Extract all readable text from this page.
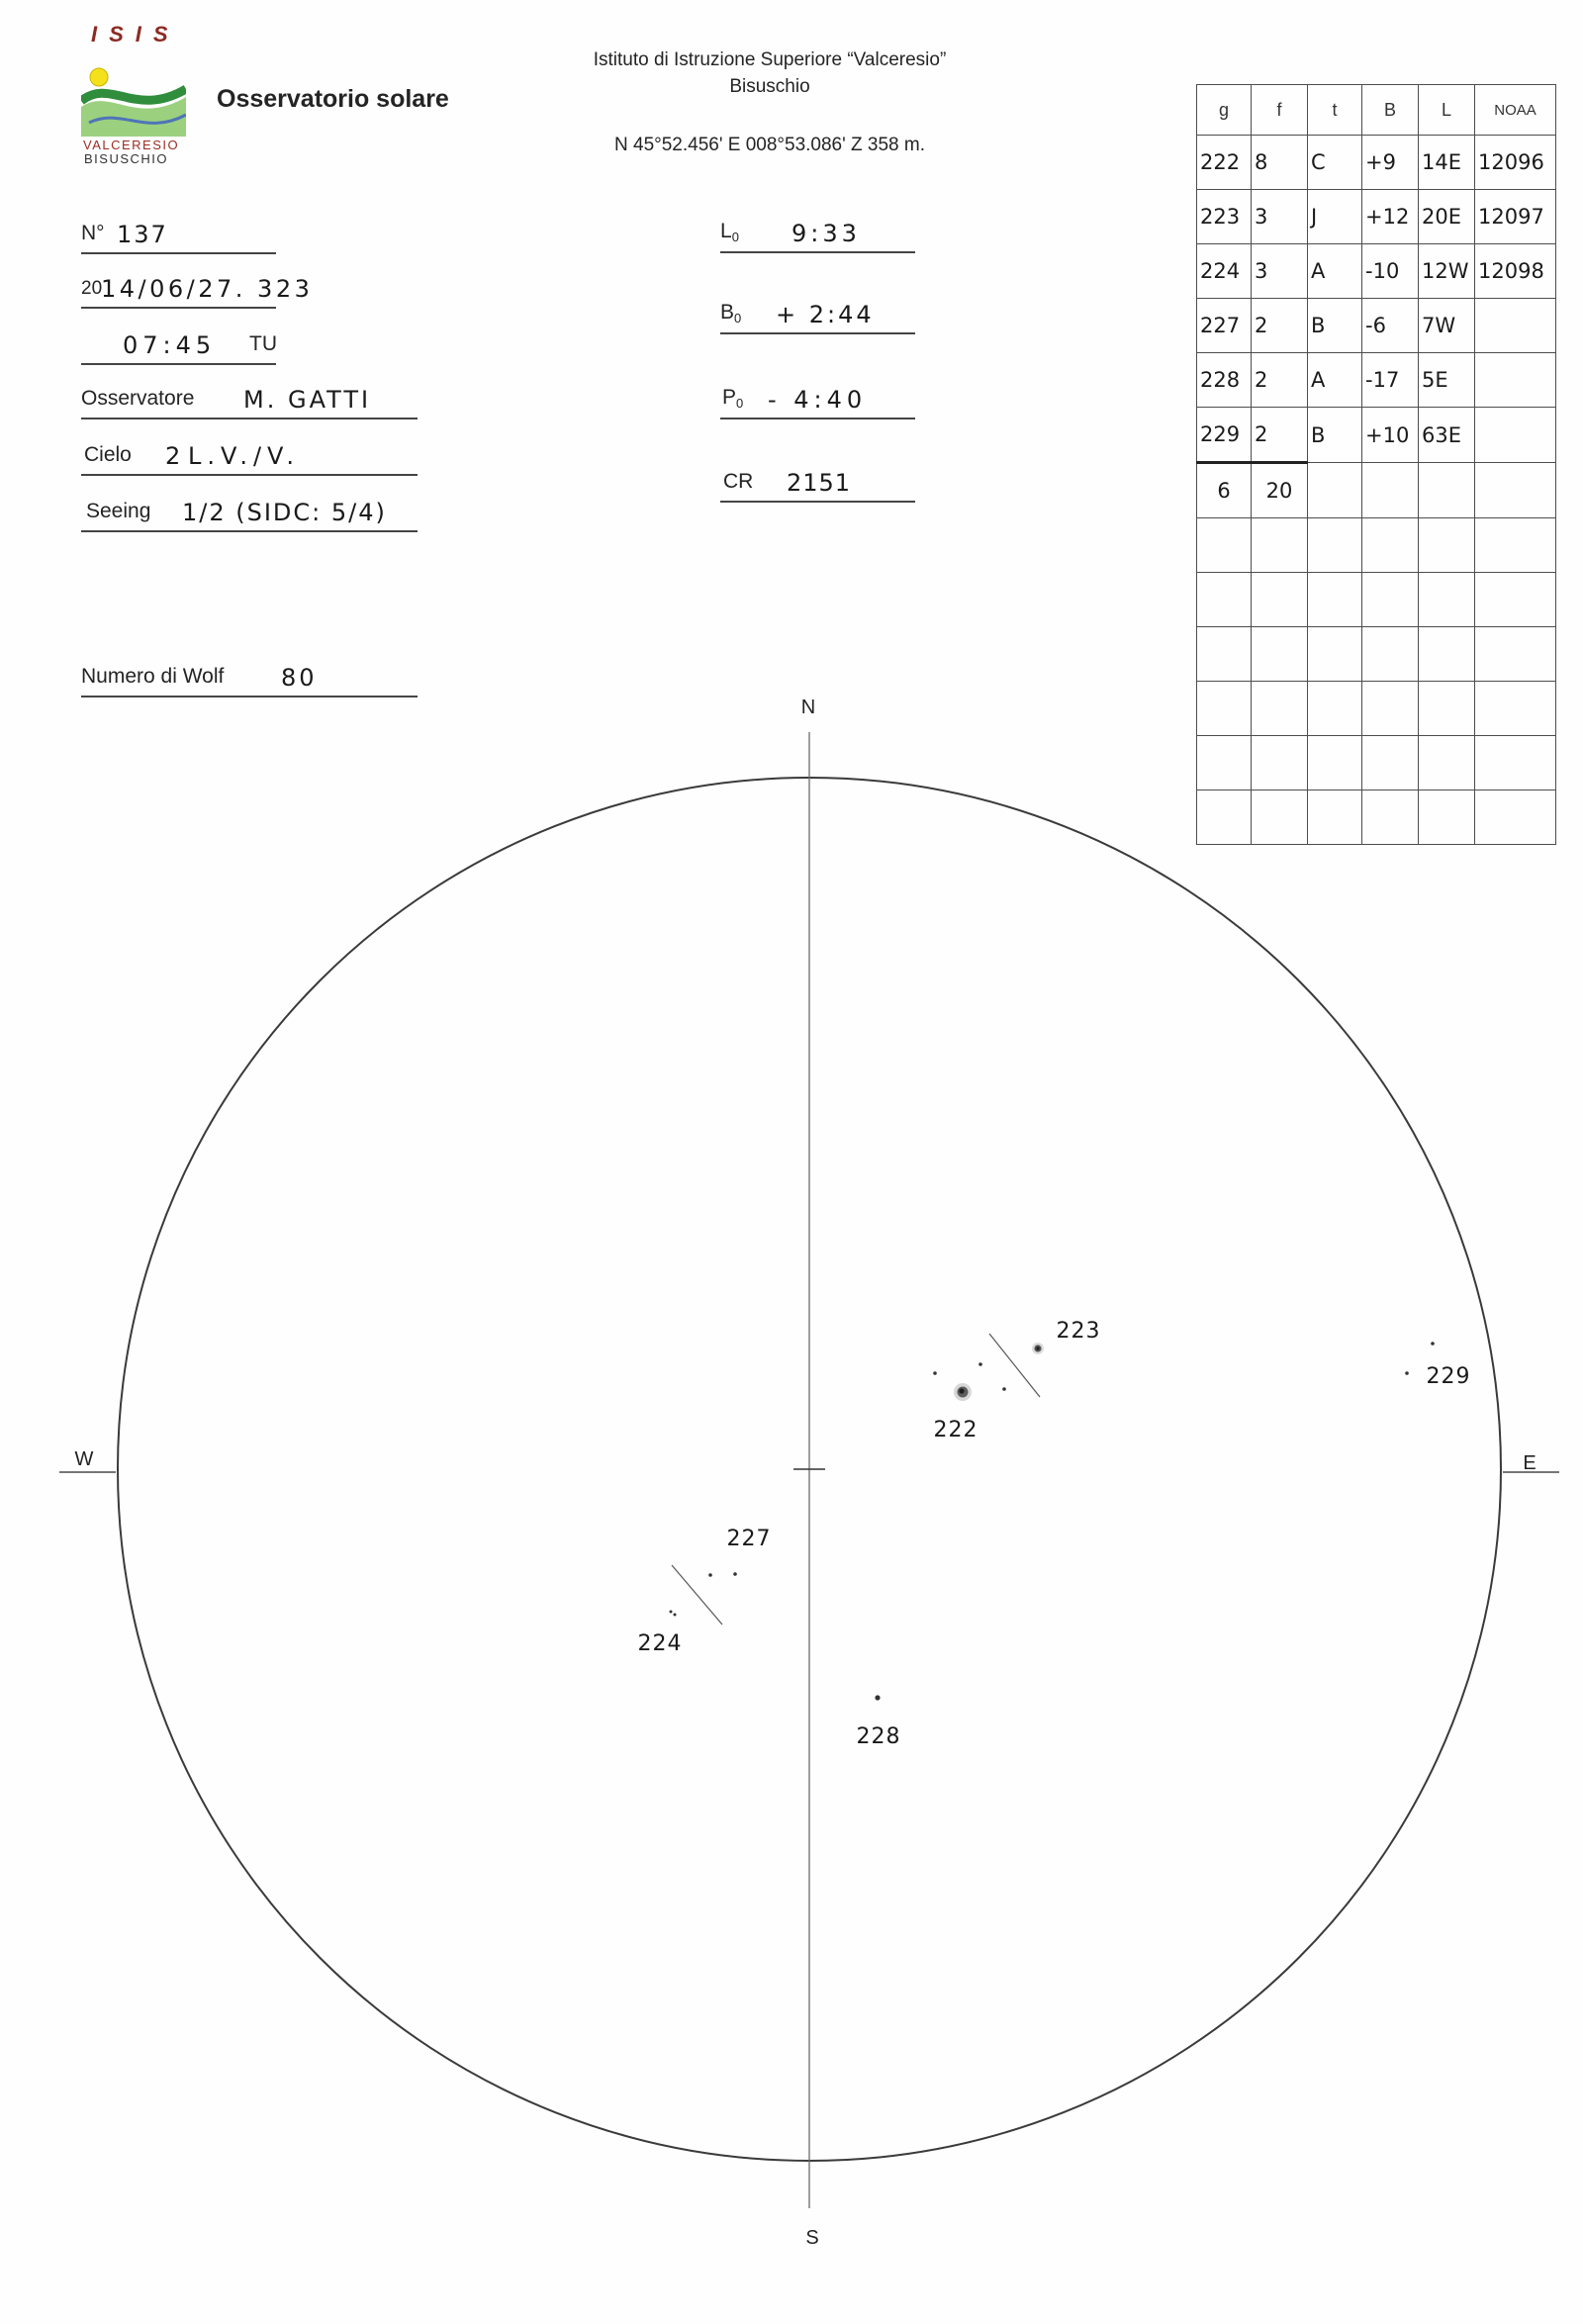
N
S
W	E
222
223
224
227
228
229
ISIS
VALCERESIO
BISUSCHIO
Osservatorio solare
Istituto di Istruzione Superiore “Valceresio”
Bisuschio
N 45°52.456' E 008°53.086' Z 358 m.
N° 137
20
14/06/27. 323
07:45 TU
Osservatore M. GATTI
Cielo 2 L.V./V.
Seeing 1/2 (SIDC: 5/4)
Numero di Wolf 80
$L_0$ 9:33
$B_0$ + 2:44
$P_0$ - 4:40
CR 2151
g	f	t	B	L	NOAA
222	8	C	+9	14E	12096
223	3	J	+12	20E	12097
224	3	A	-10	12W	12098
227	2	B	-6	7W	
228	2	A	-17	5E	
229	2	B	+10	63E	
6	20				
